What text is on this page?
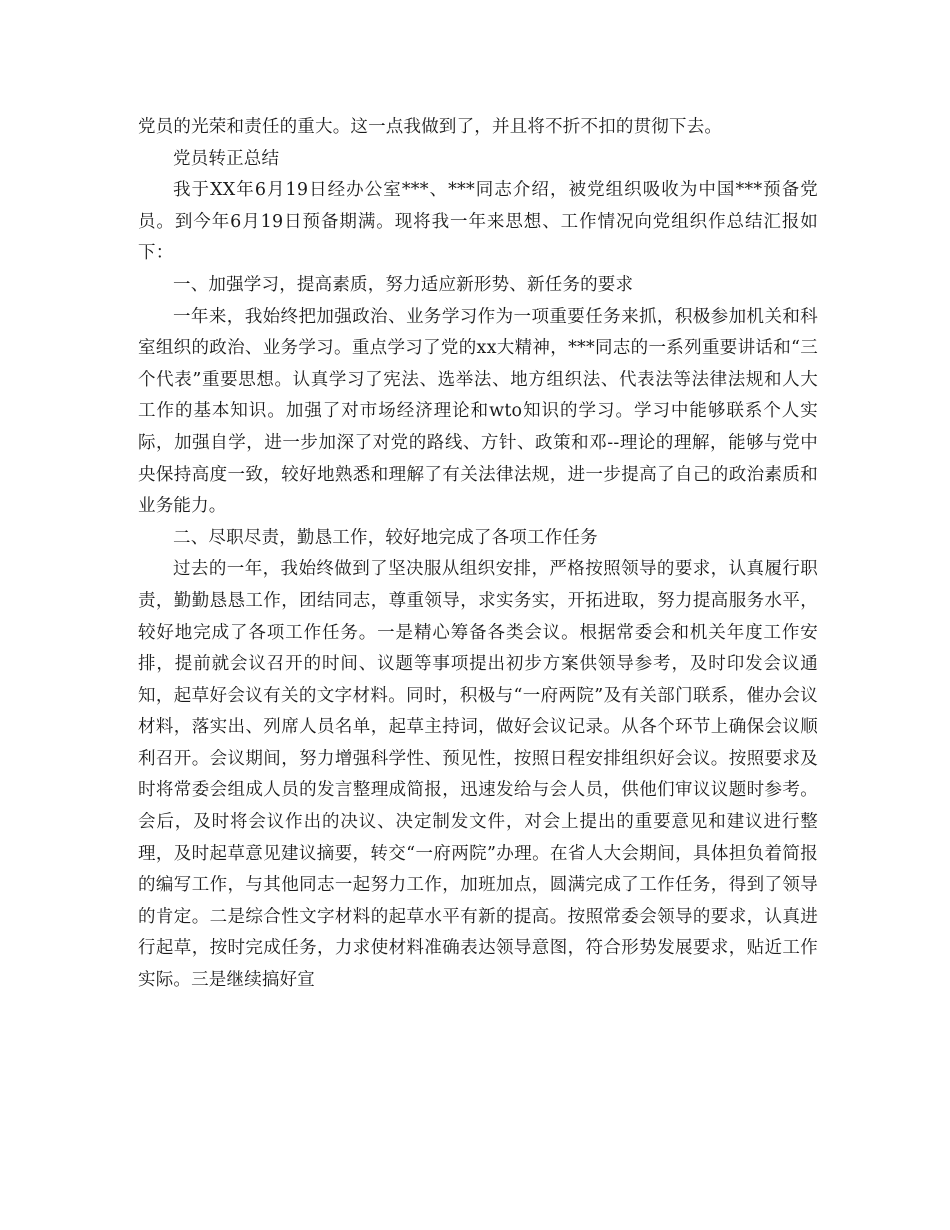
党员的光荣和责任的重大。这一点我做到了，并且将不折不扣的贯彻下去。

党员转正总结

我于XX年6月19日经办公室***、***同志介绍，被党组织吸收为中国***预备党员。到今年6月19日预备期满。现将我一年来思想、工作情况向党组织作总结汇报如下：

一、加强学习，提高素质，努力适应新形势、新任务的要求

一年来，我始终把加强政治、业务学习作为一项重要任务来抓，积极参加机关和科室组织的政治、业务学习。重点学习了党的xx大精神，***同志的一系列重要讲话和“三个代表”重要思想。认真学习了宪法、选举法、地方组织法、代表法等法律法规和人大工作的基本知识。加强了对市场经济理论和wto知识的学习。学习中能够联系个人实际，加强自学，进一步加深了对党的路线、方针、政策和邓--理论的理解，能够与党中央保持高度一致，较好地熟悉和理解了有关法律法规，进一步提高了自己的政治素质和业务能力。

二、尽职尽责，勤恳工作，较好地完成了各项工作任务

过去的一年，我始终做到了坚决服从组织安排，严格按照领导的要求，认真履行职责，勤勤恳恳工作，团结同志，尊重领导，求实务实，开拓进取，努力提高服务水平，较好地完成了各项工作任务。一是精心筹备各类会议。根据常委会和机关年度工作安排，提前就会议召开的时间、议题等事项提出初步方案供领导参考，及时印发会议通知，起草好会议有关的文字材料。同时，积极与“一府两院”及有关部门联系，催办会议材料，落实出、列席人员名单，起草主持词，做好会议记录。从各个环节上确保会议顺利召开。会议期间，努力增强科学性、预见性，按照日程安排组织好会议。按照要求及时将常委会组成人员的发言整理成简报，迅速发给与会人员，供他们审议议题时参考。会后，及时将会议作出的决议、决定制发文件，对会上提出的重要意见和建议进行整理，及时起草意见建议摘要，转交“一府两院”办理。在省人大会期间，具体担负着简报的编写工作，与其他同志一起努力工作，加班加点，圆满完成了工作任务，得到了领导的肯定。二是综合性文字材料的起草水平有新的提高。按照常委会领导的要求，认真进行起草，按时完成任务，力求使材料准确表达领导意图，符合形势发展要求，贴近工作实际。三是继续搞好宣
